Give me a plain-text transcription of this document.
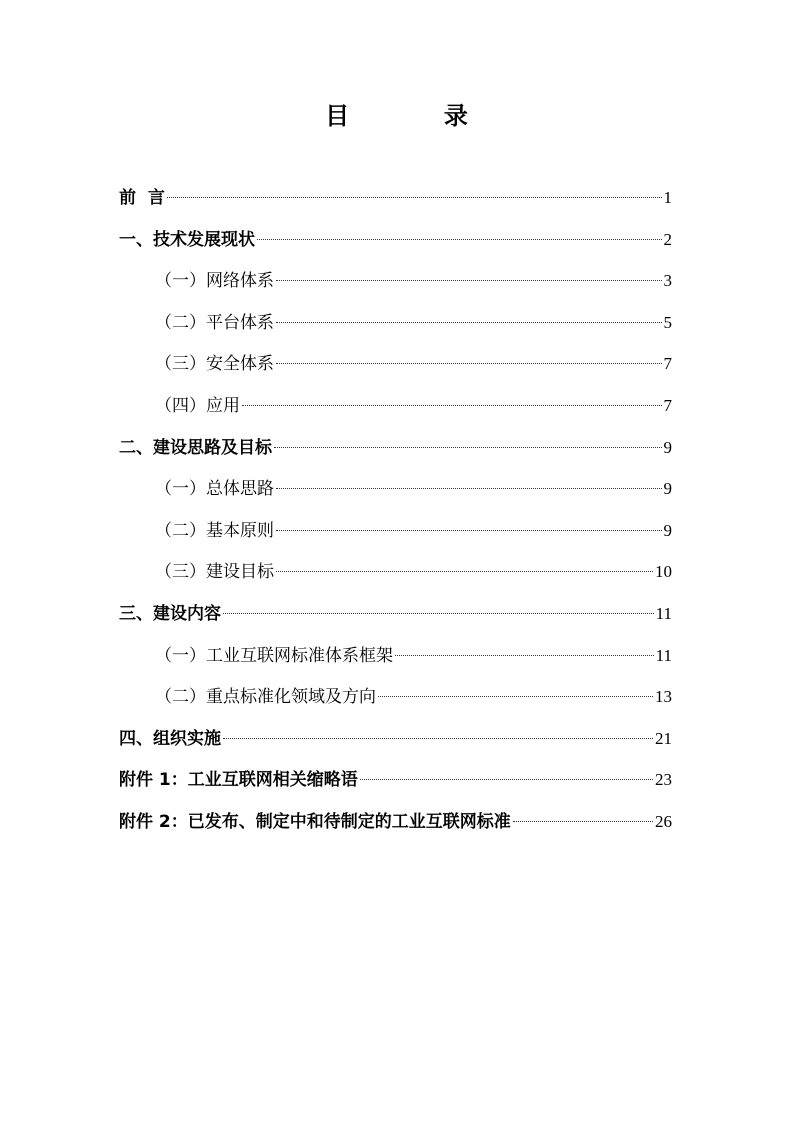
目  录
前  言	1
一、技术发展现状	2
（一）网络体系	3
（二）平台体系	5
（三）安全体系	7
（四）应用	7
二、建设思路及目标	9
（一）总体思路	9
（二）基本原则	9
（三）建设目标	10
三、建设内容	11
（一）工业互联网标准体系框架	11
（二）重点标准化领域及方向	13
四、组织实施	21
附件 1：工业互联网相关缩略语	23
附件 2：已发布、制定中和待制定的工业互联网标准	26
